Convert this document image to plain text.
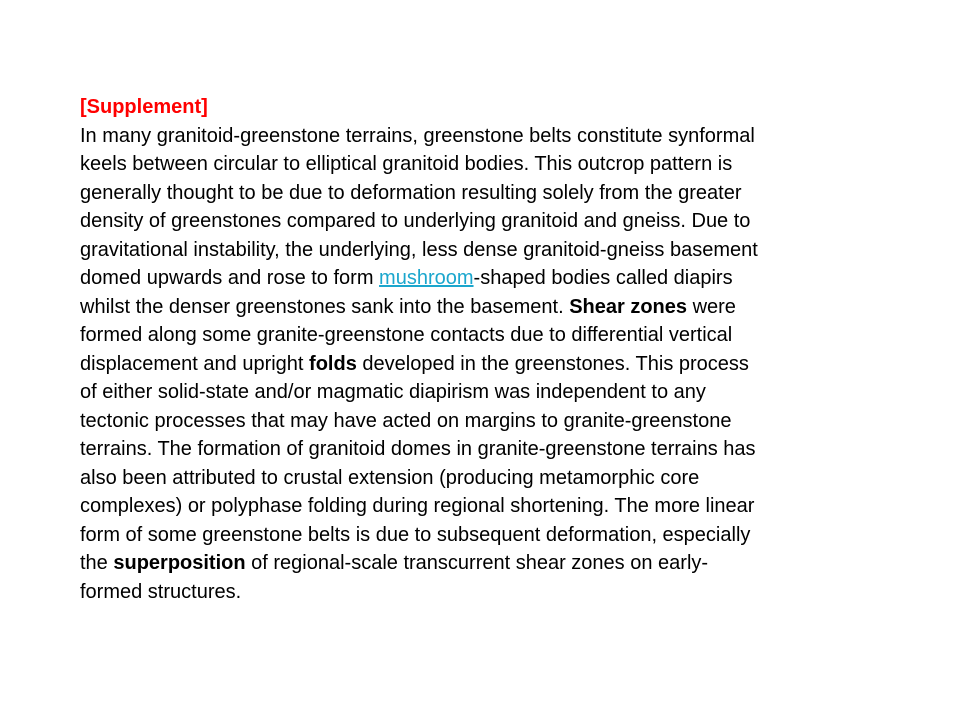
[Supplement]
In many granitoid-greenstone terrains, greenstone belts constitute synformal
keels between circular to elliptical granitoid bodies. This outcrop pattern is
generally thought to be due to deformation resulting solely from the greater
density of greenstones compared to underlying granitoid and gneiss. Due to
gravitational instability, the underlying, less dense granitoid-gneiss basement
domed upwards and rose to form mushroom-shaped bodies called diapirs
whilst the denser greenstones sank into the basement. Shear zones were
formed along some granite-greenstone contacts due to differential vertical
displacement and upright folds developed in the greenstones. This process
of either solid-state and/or magmatic diapirism was independent to any
tectonic processes that may have acted on margins to granite-greenstone
terrains. The formation of granitoid domes in granite-greenstone terrains has
also been attributed to crustal extension (producing metamorphic core
complexes) or polyphase folding during regional shortening. The more linear
form of some greenstone belts is due to subsequent deformation, especially
the superposition of regional-scale transcurrent shear zones on early-
formed structures.
